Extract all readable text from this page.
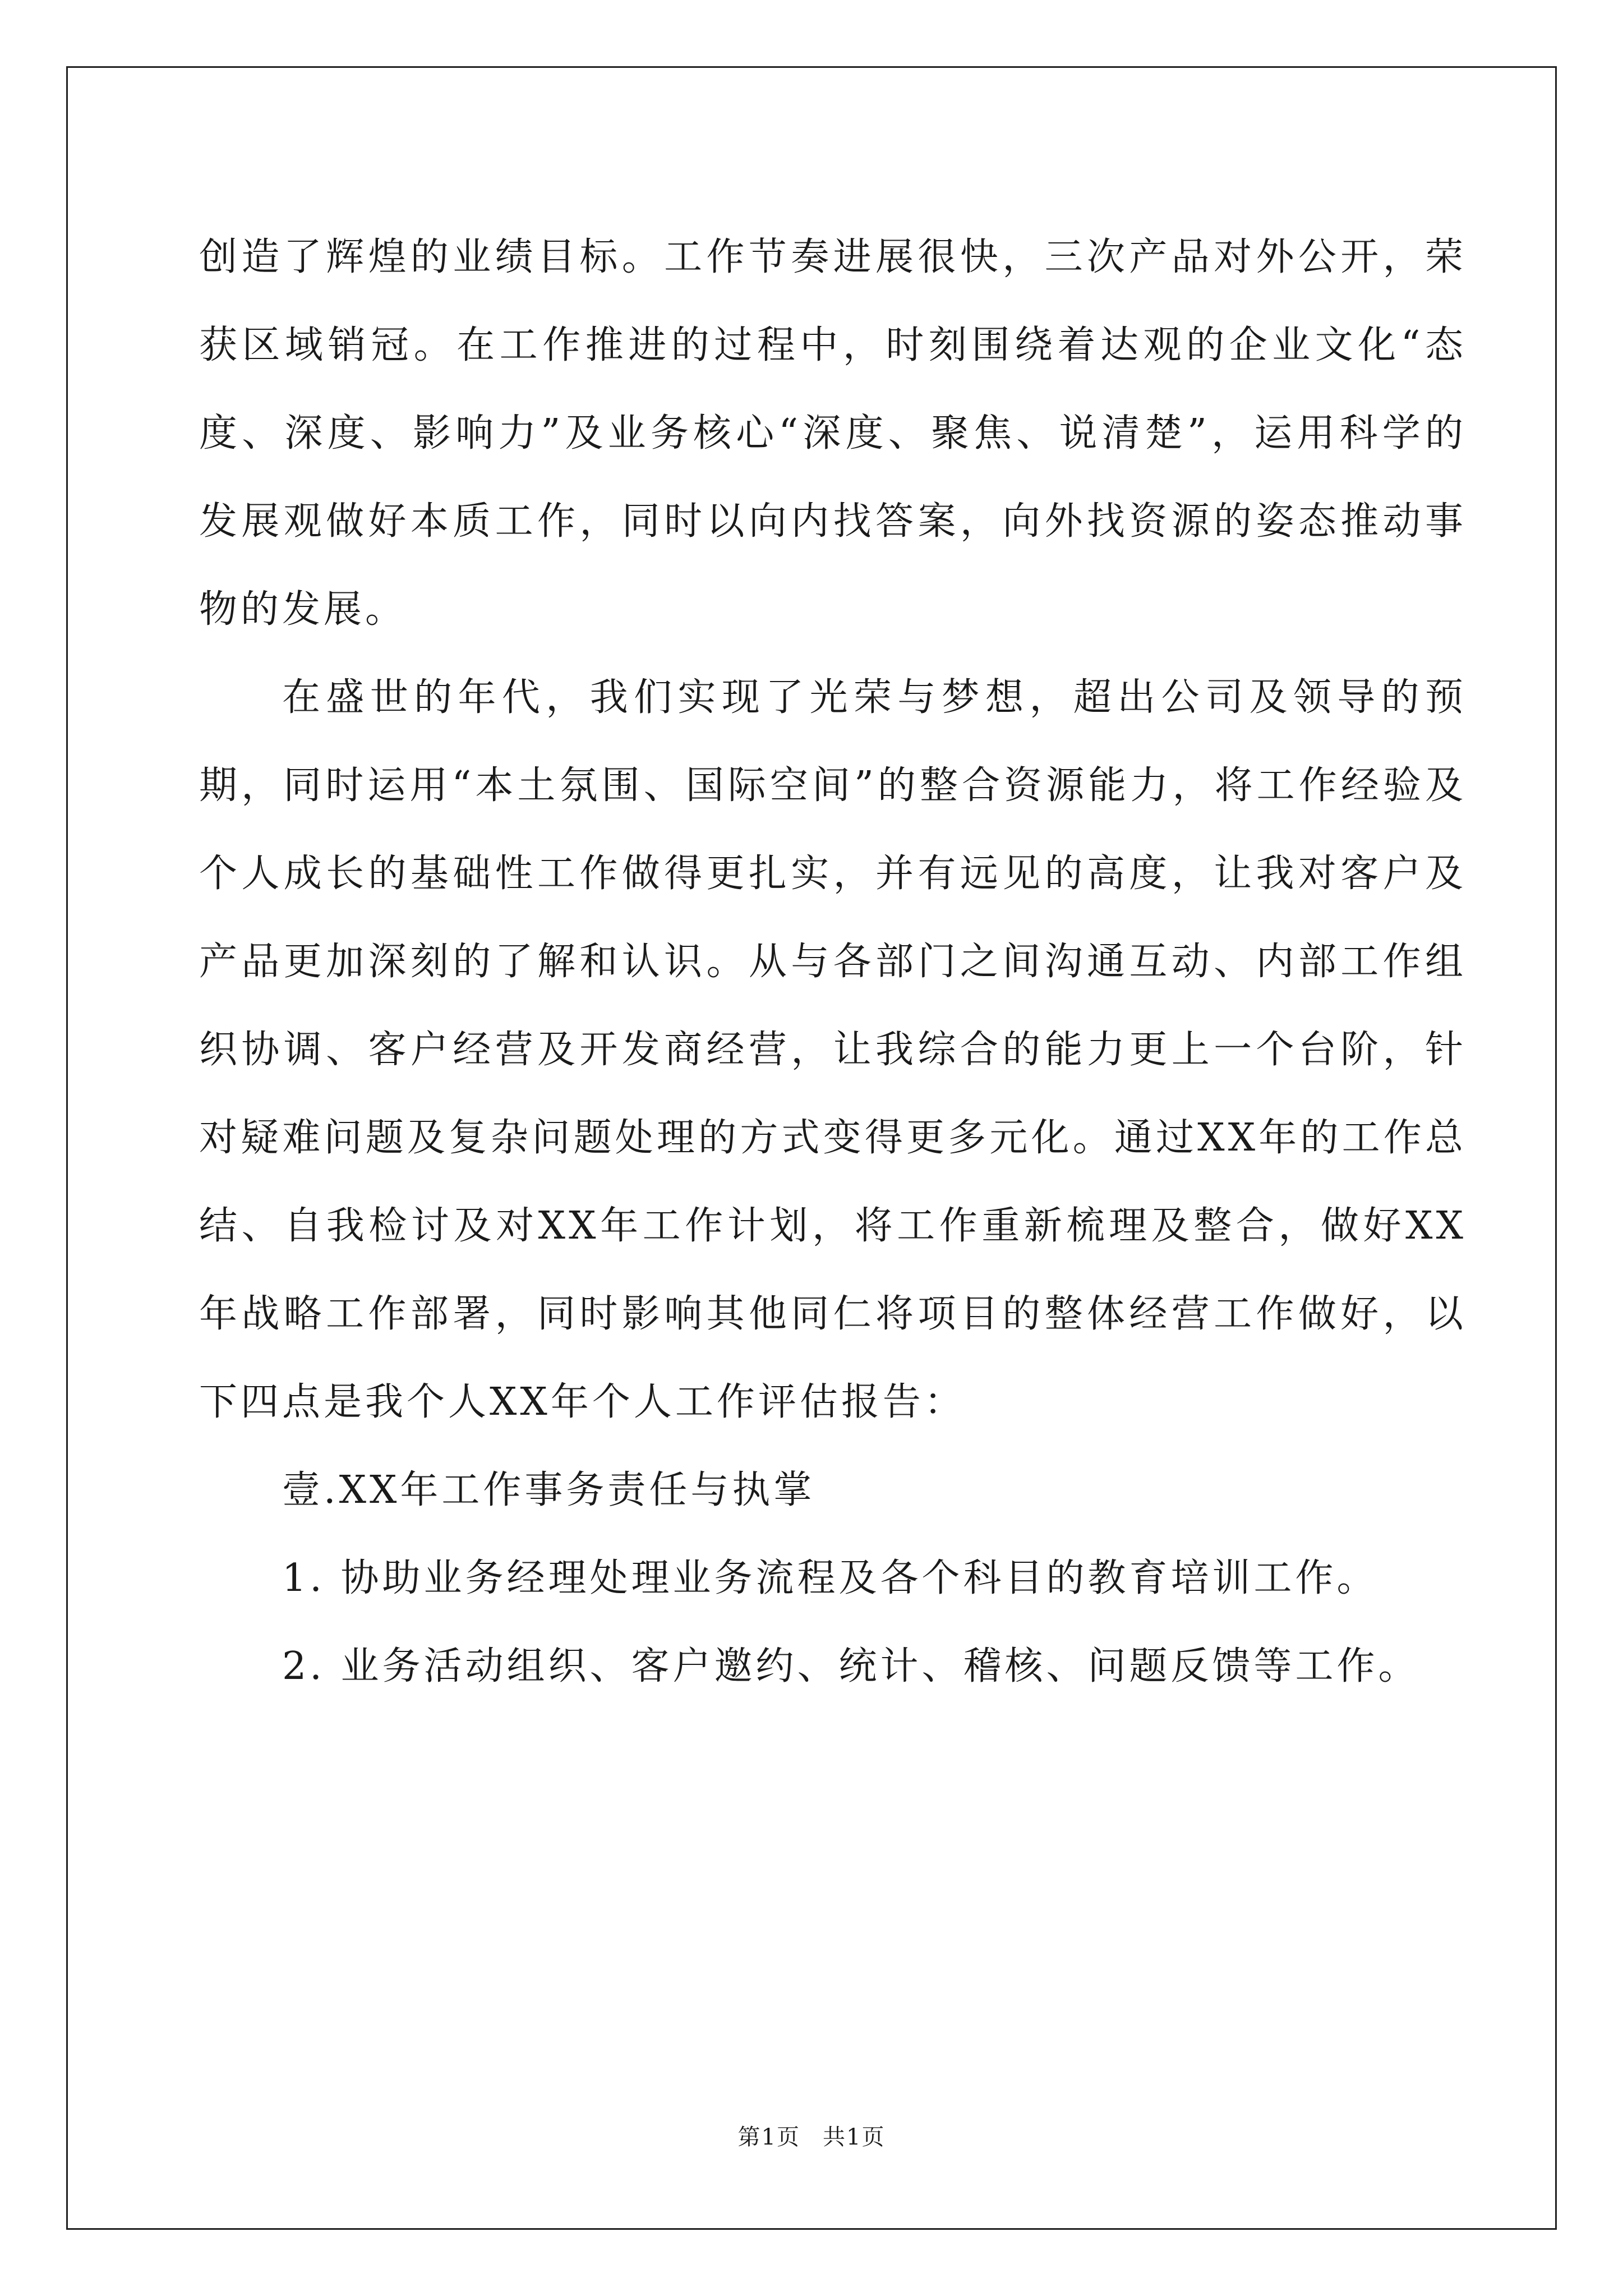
创造了辉煌的业绩目标。工作节奏进展很快，三次产品对外公开，荣获区域销冠。在工作推进的过程中，时刻围绕着达观的企业文化“态度、深度、影响力”及业务核心“深度、聚焦、说清楚”，运用科学的发展观做好本质工作，同时以向内找答案，向外找资源的姿态推动事物的发展。

在盛世的年代，我们实现了光荣与梦想，超出公司及领导的预期，同时运用“本土氛围、国际空间”的整合资源能力，将工作经验及个人成长的基础性工作做得更扎实，并有远见的高度，让我对客户及产品更加深刻的了解和认识。从与各部门之间沟通互动、内部工作组织协调、客户经营及开发商经营，让我综合的能力更上一个台阶，针对疑难问题及复杂问题处理的方式变得更多元化。通过XX年的工作总结、自我检讨及对XX年工作计划，将工作重新梳理及整合，做好XX年战略工作部署，同时影响其他同仁将项目的整体经营工作做好，以下四点是我个人XX年个人工作评估报告：

壹.XX年工作事务责任与执掌

1. 协助业务经理处理业务流程及各个科目的教育培训工作。

2. 业务活动组织、客户邀约、统计、稽核、问题反馈等工作。

第1页 共1页
